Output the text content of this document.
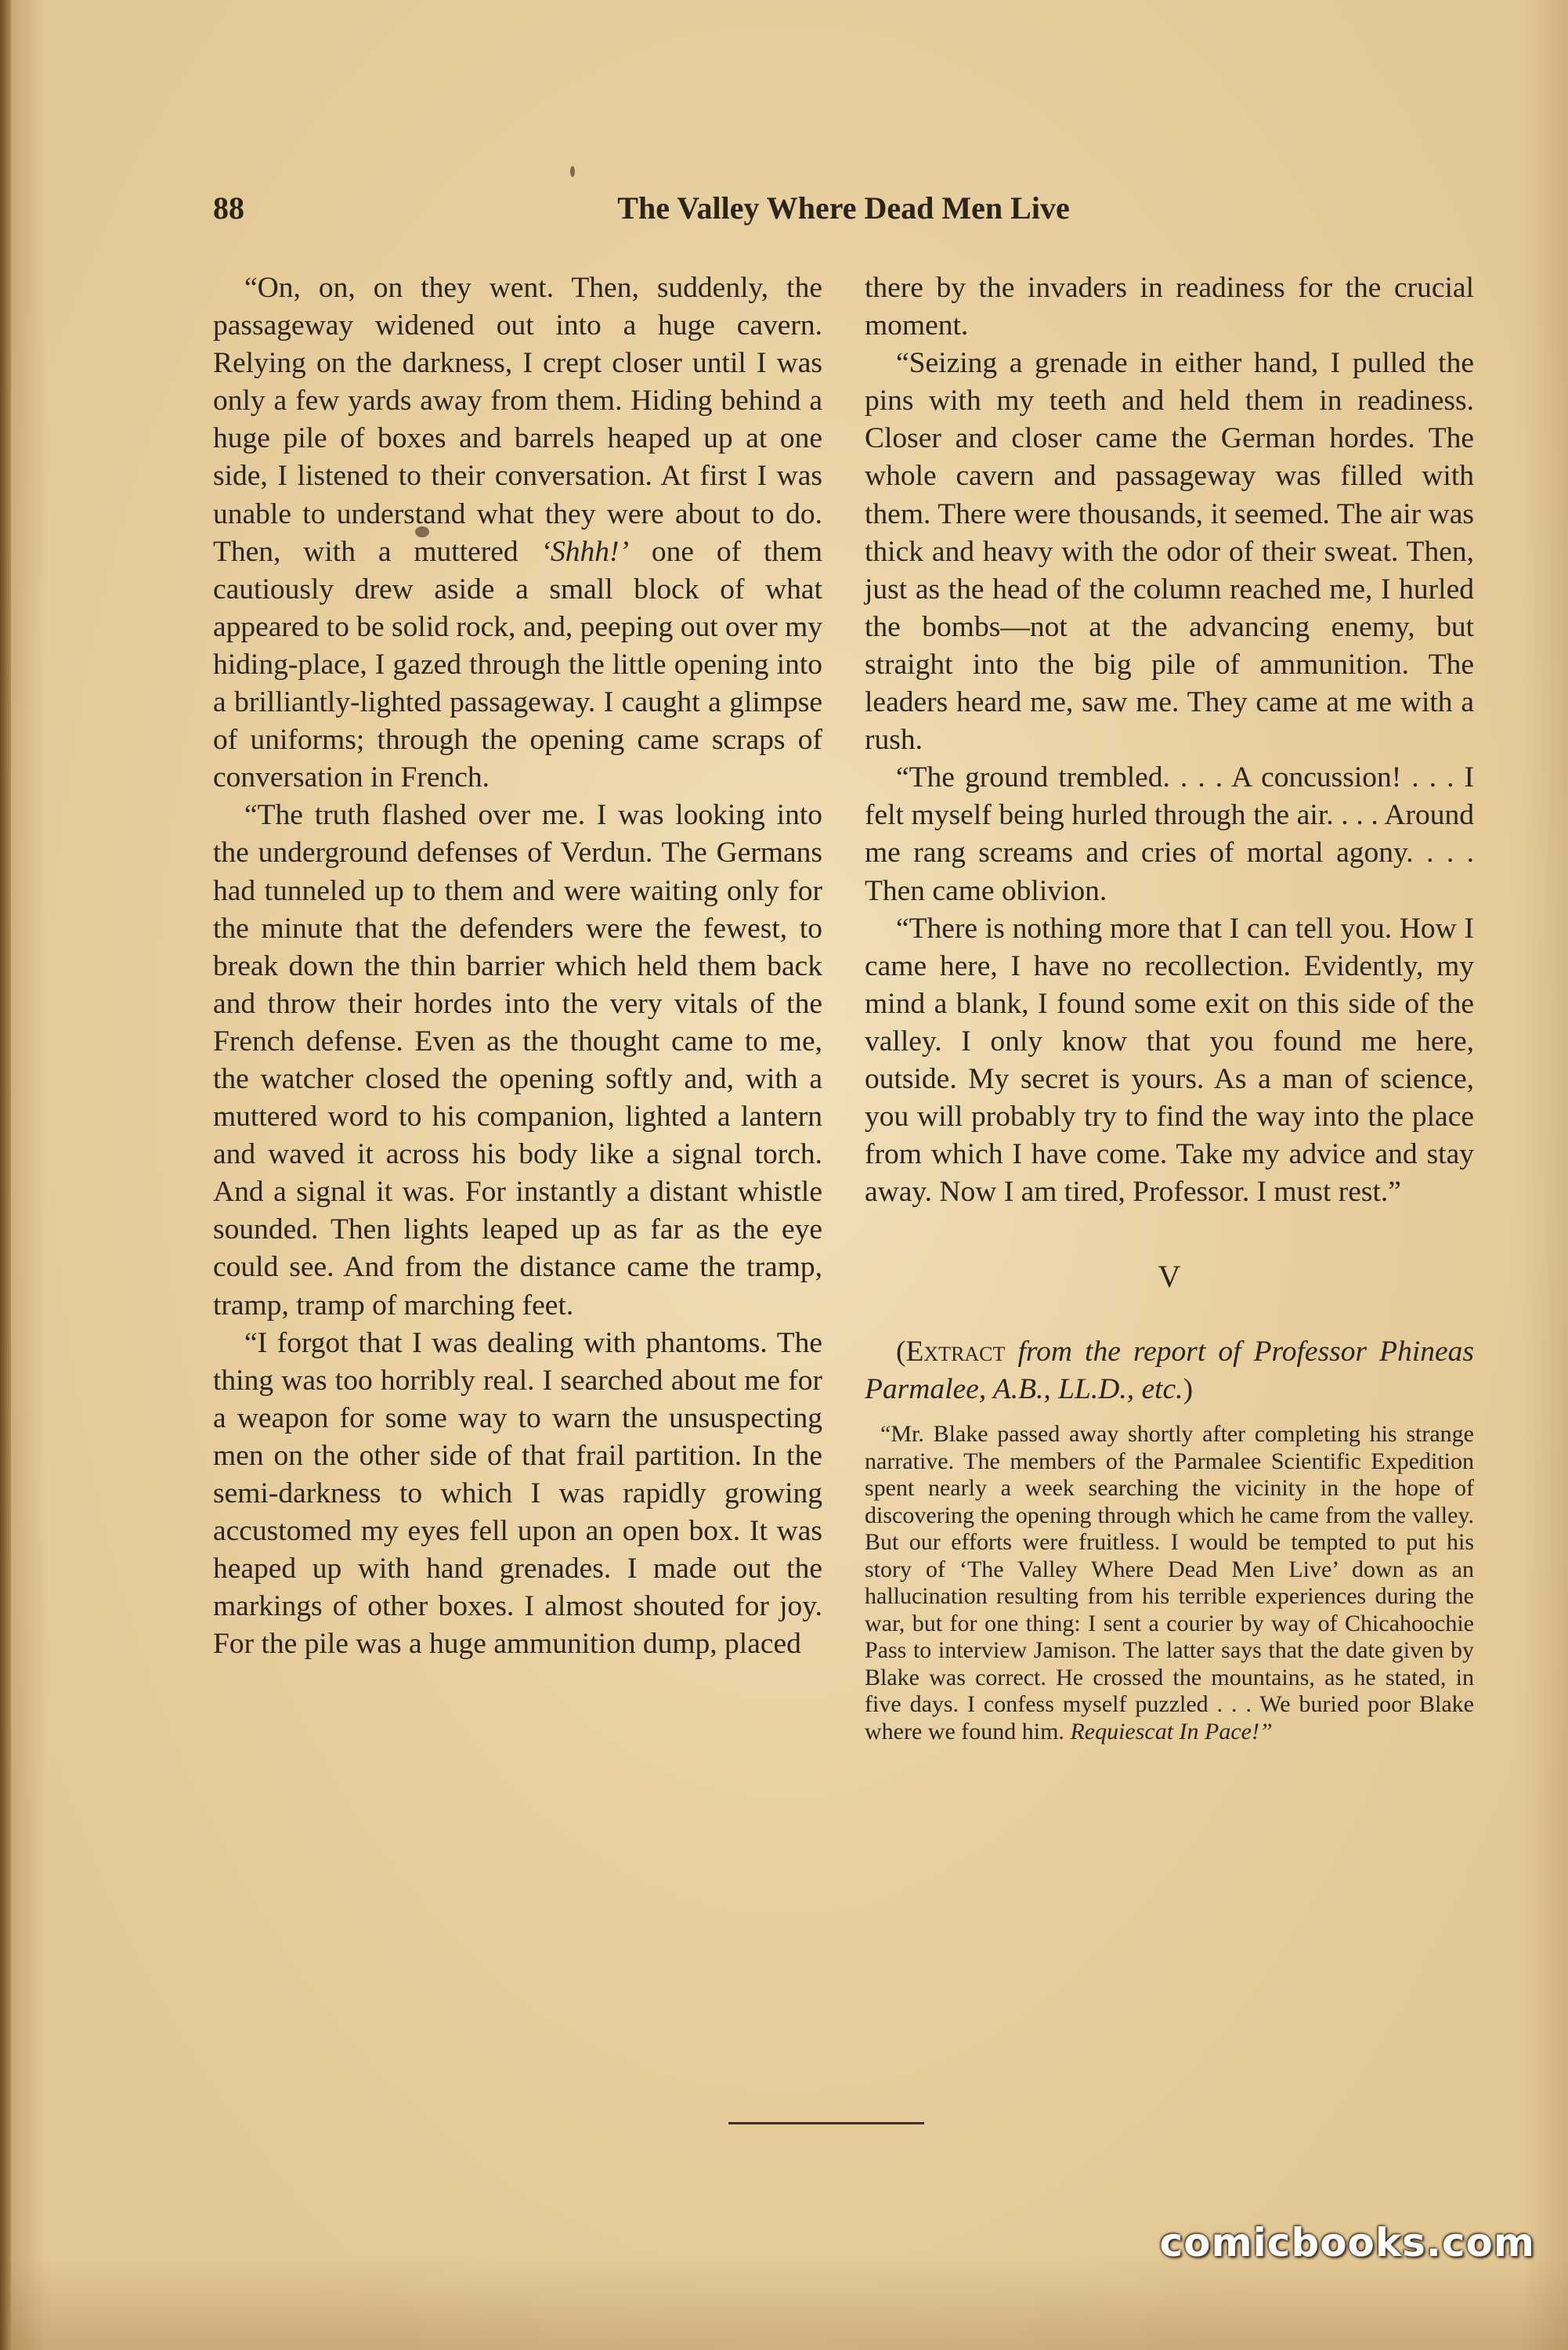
88	The Valley Where Dead Men Live

“On, on, on they went. Then, suddenly, the passageway widened out into a huge cavern. Relying on the darkness, I crept closer until I was only a few yards away from them. Hiding behind a huge pile of boxes and barrels heaped up at one side, I listened to their conversation. At first I was unable to understand what they were about to do. Then, with a muttered ‘Shhh!’ one of them cautiously drew aside a small block of what appeared to be solid rock, and, peeping out over my hiding-place, I gazed through the little opening into a brilliantly-lighted passageway. I caught a glimpse of uniforms; through the opening came scraps of conversation in French.

“The truth flashed over me. I was looking into the underground defenses of Verdun. The Germans had tunneled up to them and were waiting only for the minute that the defenders were the fewest, to break down the thin barrier which held them back and throw their hordes into the very vitals of the French defense. Even as the thought came to me, the watcher closed the opening softly and, with a muttered word to his companion, lighted a lantern and waved it across his body like a signal torch. And a signal it was. For instantly a distant whistle sounded. Then lights leaped up as far as the eye could see. And from the distance came the tramp, tramp, tramp of marching feet.

“I forgot that I was dealing with phantoms. The thing was too horribly real. I searched about me for a weapon for some way to warn the unsuspecting men on the other side of that frail partition. In the semi-darkness to which I was rapidly growing accustomed my eyes fell upon an open box. It was heaped up with hand grenades. I made out the markings of other boxes. I almost shouted for joy. For the pile was a huge ammunition dump, placed

there by the invaders in readiness for the crucial moment.

“Seizing a grenade in either hand, I pulled the pins with my teeth and held them in readiness. Closer and closer came the German hordes. The whole cavern and passageway was filled with them. There were thousands, it seemed. The air was thick and heavy with the odor of their sweat. Then, just as the head of the column reached me, I hurled the bombs—not at the advancing enemy, but straight into the big pile of ammunition. The leaders heard me, saw me. They came at me with a rush.

“The ground trembled. . . . A concussion! . . . I felt myself being hurled through the air. . . . Around me rang screams and cries of mortal agony. . . . Then came oblivion.

“There is nothing more that I can tell you. How I came here, I have no recollection. Evidently, my mind a blank, I found some exit on this side of the valley. I only know that you found me here, outside. My secret is yours. As a man of science, you will probably try to find the way into the place from which I have come. Take my advice and stay away. Now I am tired, Professor. I must rest.”

V

(Extract from the report of Professor Phineas Parmalee, A.B., LL.D., etc.)

“Mr. Blake passed away shortly after completing his strange narrative. The members of the Parmalee Scientific Expedition spent nearly a week searching the vicinity in the hope of discovering the opening through which he came from the valley. But our efforts were fruitless. I would be tempted to put his story of ‘The Valley Where Dead Men Live’ down as an hallucination resulting from his terrible experiences during the war, but for one thing: I sent a courier by way of Chicahoochie Pass to interview Jamison. The latter says that the date given by Blake was correct. He crossed the mountains, as he stated, in five days. I confess myself puzzled . . . We buried poor Blake where we found him. Requiescat In Pace!”

comicbooks.com
